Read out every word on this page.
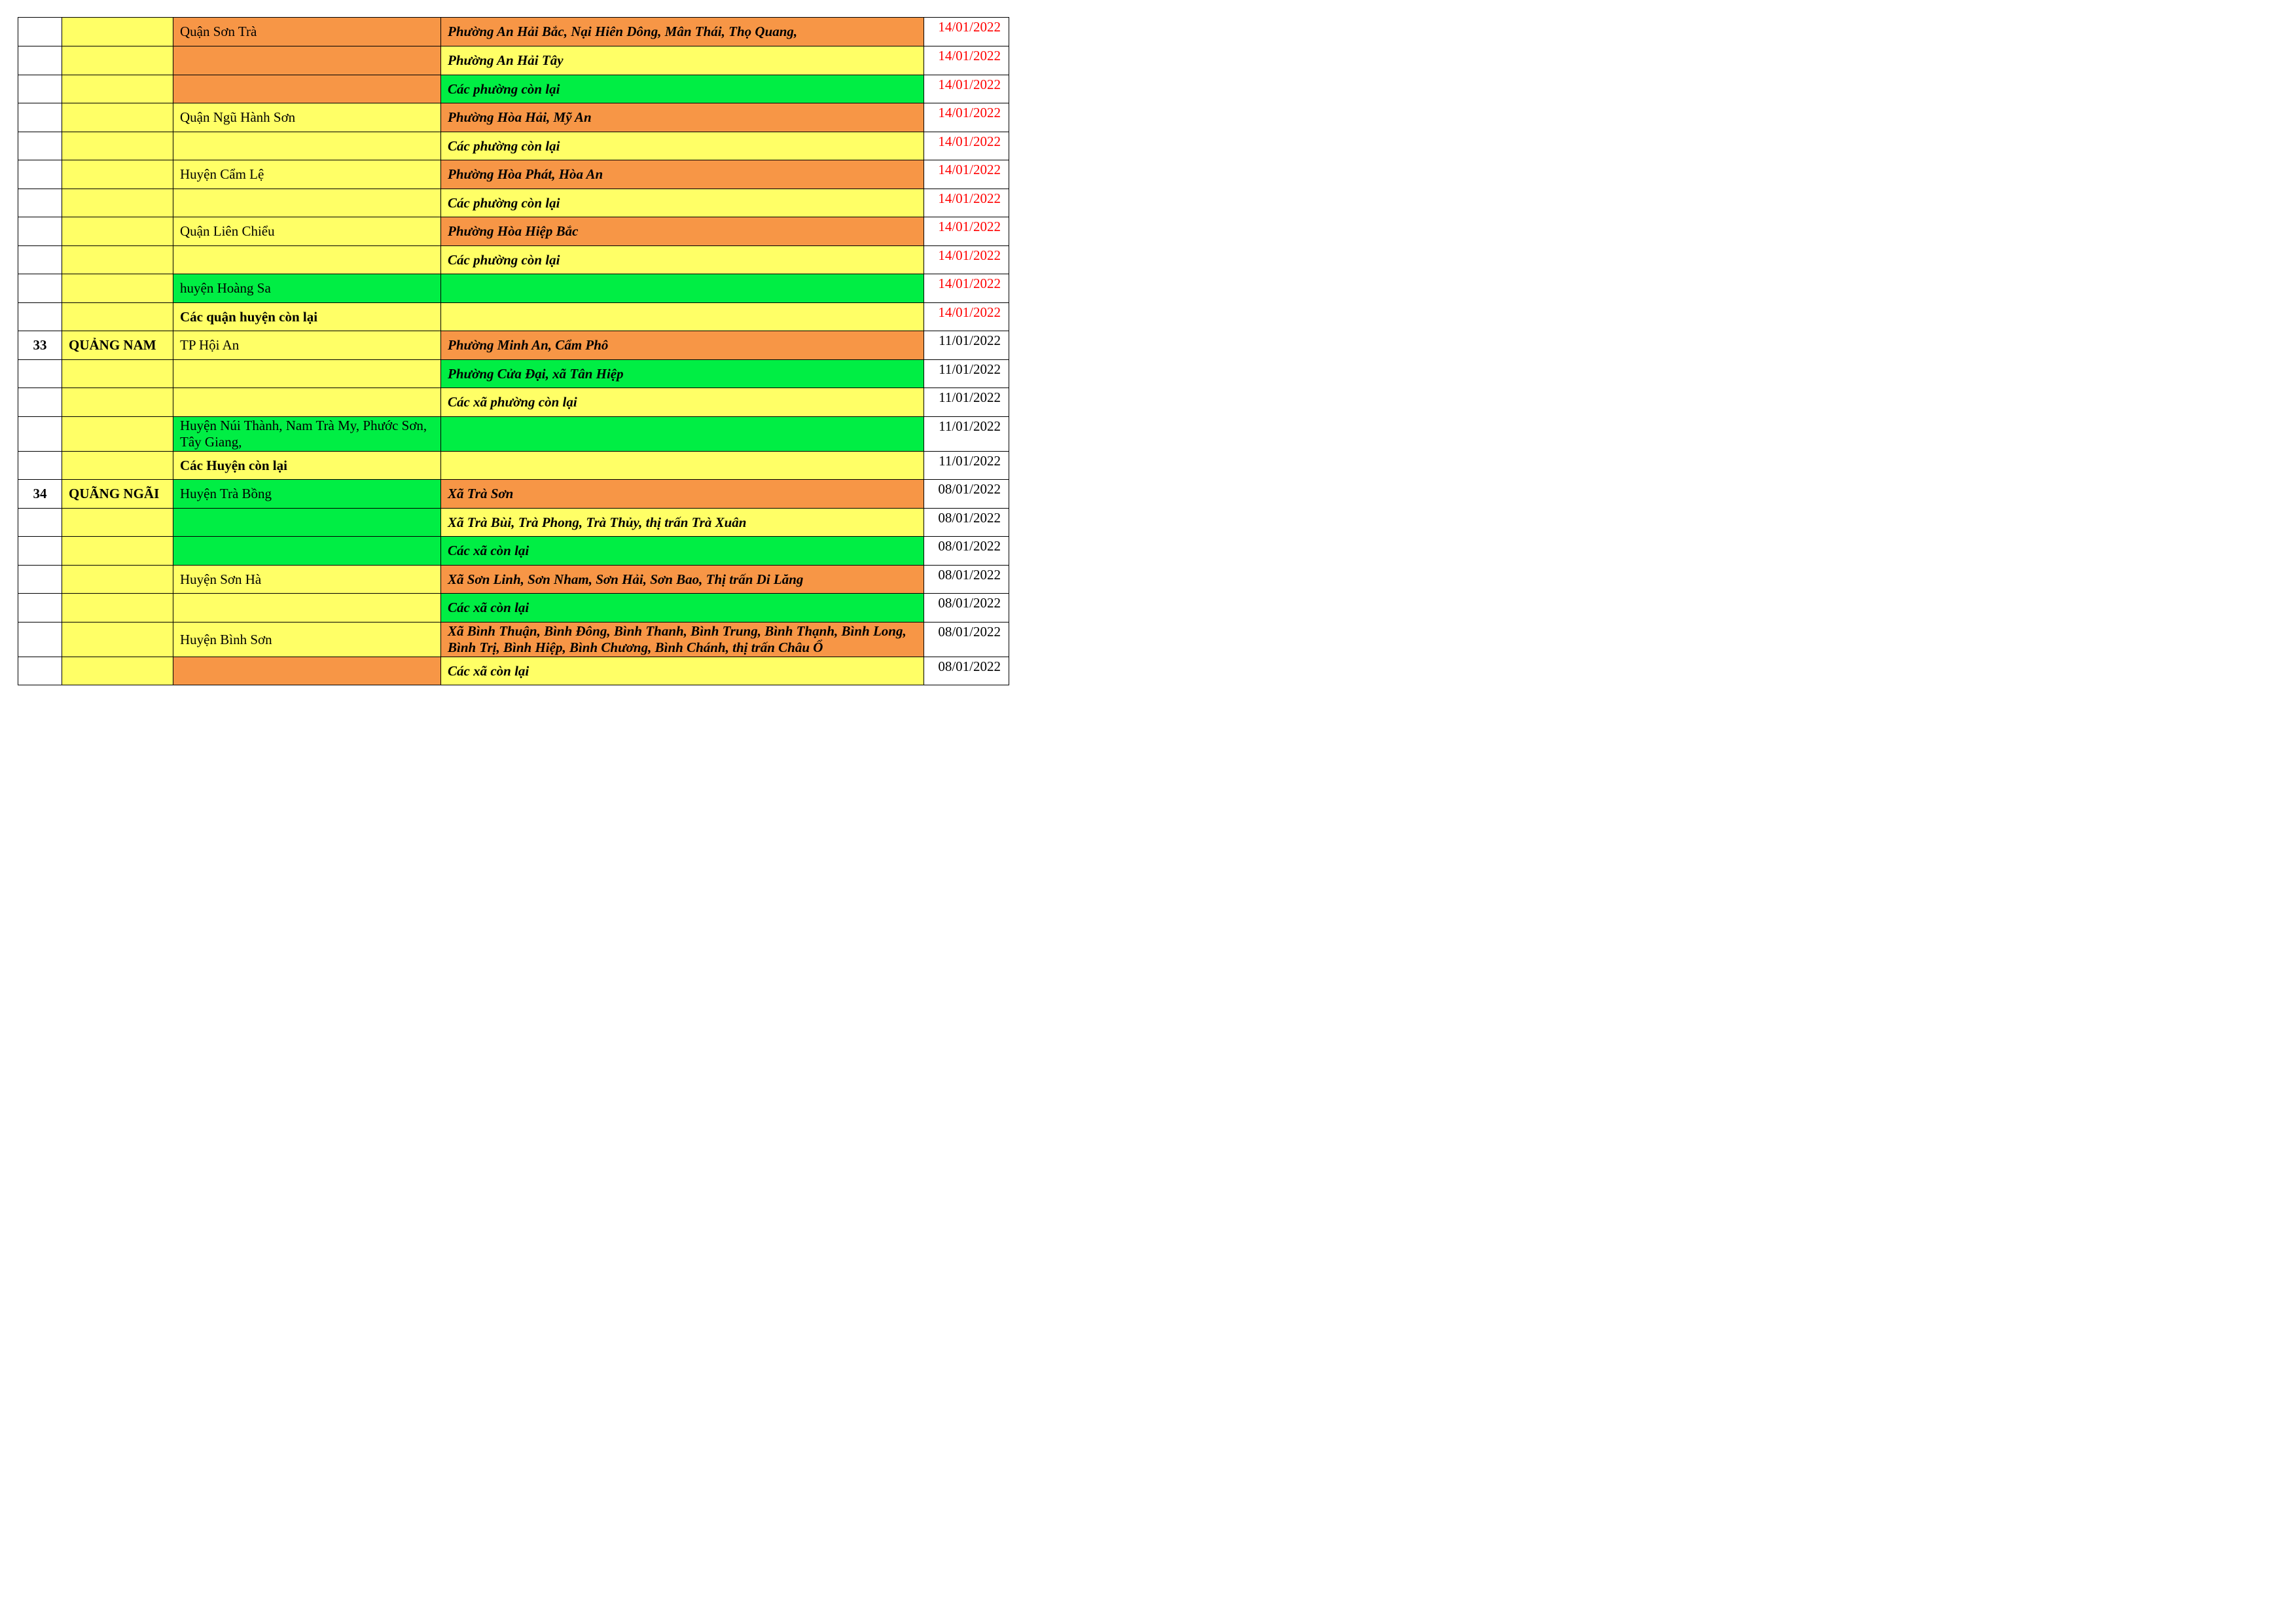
		Quận Sơn Trà	Phường An Hải Bắc, Nại Hiên Dông, Mân Thái, Thọ Quang,	14/01/2022
			Phường An Hải Tây	14/01/2022
			Các phường còn lại	14/01/2022
		Quận Ngũ Hành Sơn	Phường Hòa Hải, Mỹ An	14/01/2022
			Các phường còn lại	14/01/2022
		Huyện Cẩm Lệ	Phường Hòa Phát, Hòa An	14/01/2022
			Các phường còn lại	14/01/2022
		Quận Liên Chiểu	Phường Hòa Hiệp Bắc	14/01/2022
			Các phường còn lại	14/01/2022
		huyện Hoàng Sa		14/01/2022
		Các quận huyện còn lại		14/01/2022
33	QUẢNG NAM	TP Hội An	Phường Minh An, Cẩm Phô	11/01/2022
			Phường Cửa Đại, xã Tân Hiệp	11/01/2022
			Các xã phường còn lại	11/01/2022
		Huyện Núi Thành, Nam Trà My, Phước Sơn, Tây Giang,		11/01/2022
		Các Huyện còn lại		11/01/2022
34	QUÃNG NGÃI	Huyện Trà Bồng	Xã Trà Sơn	08/01/2022
			Xã Trà Bùi, Trà Phong, Trà Thủy, thị trấn Trà Xuân	08/01/2022
			Các xã còn lại	08/01/2022
		Huyện Sơn Hà	Xã Sơn Linh, Sơn Nham, Sơn Hải, Sơn Bao, Thị trấn Di Lăng	08/01/2022
			Các xã còn lại	08/01/2022
		Huyện Bình Sơn	Xã Bình Thuận, Bình Đông, Bình Thanh, Bình Trung, Bình Thạnh, Bình Long, Bình Trị, Bình Hiệp, Bình Chương, Bình Chánh, thị trấn Châu Ổ	08/01/2022
			Các xã còn lại	08/01/2022
